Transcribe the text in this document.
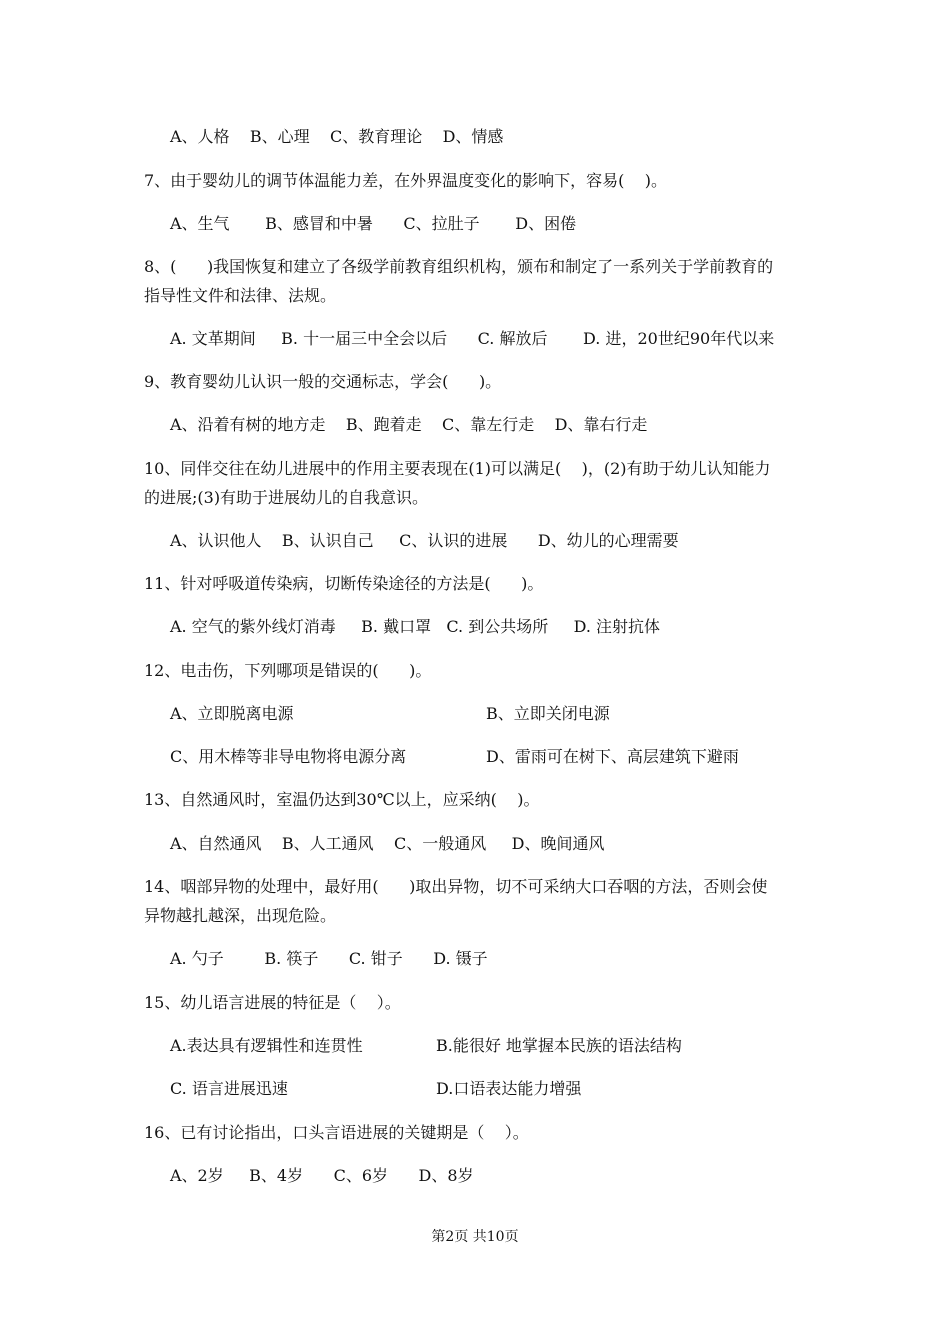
A、人格    B、心理    C、教育理论    D、情感
7、由于婴幼儿的调节体温能力差，在外界温度变化的影响下，容易(    )。
A、生气       B、感冒和中暑      C、拉肚子       D、困倦
8、(      )我国恢复和建立了各级学前教育组织机构，颁布和制定了一系列关于学前教育的
指导性文件和法律、法规。
A. 文革期间     B. 十一届三中全会以后      C. 解放后       D. 进，20世纪90年代以来
9、教育婴幼儿认识一般的交通标志，学会(      )。
A、沿着有树的地方走    B、跑着走    C、靠左行走    D、靠右行走
10、同伴交往在幼儿进展中的作用主要表现在(1)可以满足(    )，(2)有助于幼儿认知能力
的进展;(3)有助于进展幼儿的自我意识。
A、认识他人    B、认识自己     C、认识的进展      D、幼儿的心理需要
11、针对呼吸道传染病，切断传染途径的方法是(      )。
A. 空气的紫外线灯消毒     B. 戴口罩   C. 到公共场所     D. 注射抗体
12、电击伤，下列哪项是错误的(      )。
A、立即脱离电源	B、立即关闭电源
C、用木棒等非导电物将电源分离	D、雷雨可在树下、高层建筑下避雨
13、自然通风时，室温仍达到30℃以上，应采纳(    )。
A、自然通风    B、人工通风    C、一般通风     D、晚间通风
14、咽部异物的处理中，最好用(      )取出异物，切不可采纳大口吞咽的方法，否则会使
异物越扎越深，出现危险。
A. 勺子        B. 筷子      C. 钳子      D. 镊子
15、幼儿语言进展的特征是（    ）。
A.表达具有逻辑性和连贯性	B.能很好 地掌握本民族的语法结构
C. 语言进展迅速	D.口语表达能力增强
16、已有讨论指出，口头言语进展的关键期是（    ）。
A、2岁     B、4岁      C、6岁      D、8岁
第2页 共10页
